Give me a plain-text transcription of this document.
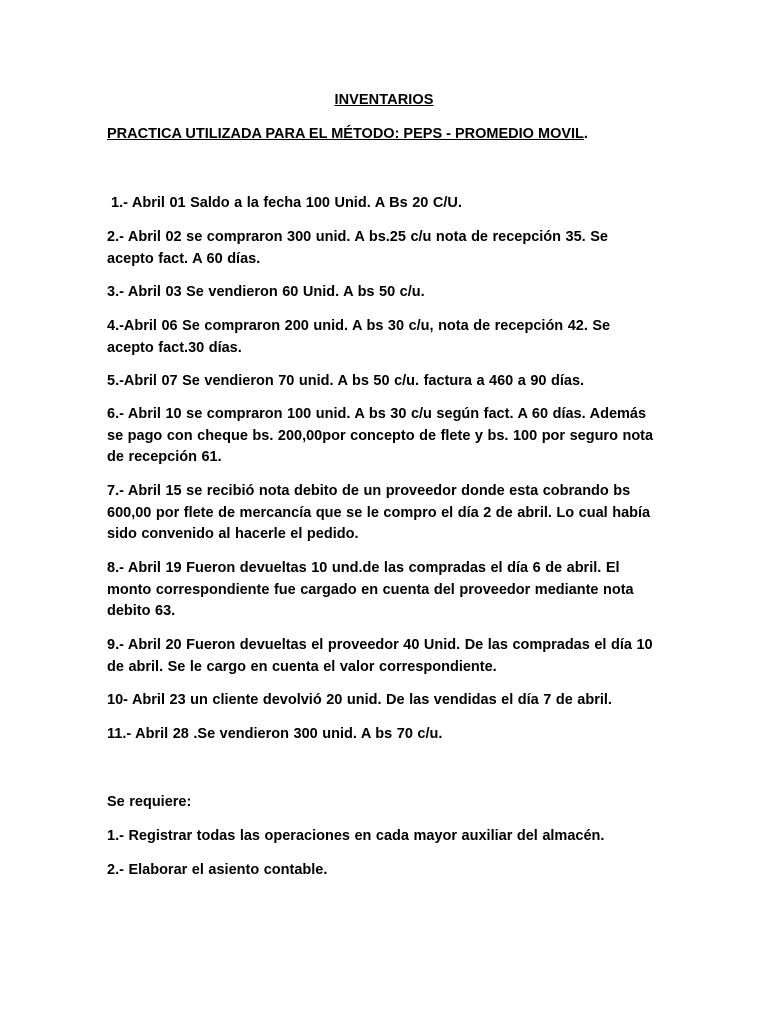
INVENTARIOS
PRACTICA UTILIZADA PARA EL MÉTODO: PEPS - PROMEDIO MOVIL.
1.- Abril 01 Saldo a la fecha 100 Unid. A Bs 20 C/U.
2.- Abril 02 se compraron 300 unid. A bs.25 c/u nota de recepción 35. Se acepto fact. A 60 días.
3.- Abril 03 Se vendieron 60 Unid. A bs 50 c/u.
4.-Abril 06 Se compraron 200 unid. A bs 30 c/u, nota de recepción 42. Se acepto fact.30 días.
5.-Abril 07 Se vendieron 70 unid. A bs 50 c/u. factura a 460 a 90 días.
6.- Abril 10 se compraron 100 unid. A bs 30 c/u según fact. A 60 días. Además se pago con cheque bs. 200,00por concepto de flete y bs. 100 por seguro nota de recepción 61.
7.- Abril 15 se recibió nota debito de un proveedor donde esta cobrando bs 600,00 por flete de mercancía que se le compro el día 2 de abril. Lo cual había sido convenido al hacerle el pedido.
8.- Abril 19 Fueron devueltas 10 und.de las compradas el día 6 de abril. El monto correspondiente fue cargado en cuenta del proveedor mediante nota debito 63.
9.- Abril 20 Fueron devueltas el proveedor 40 Unid. De las compradas el día 10 de abril. Se le cargo en cuenta el valor correspondiente.
10- Abril 23 un cliente devolvió 20 unid. De las vendidas el día 7 de abril.
11.- Abril 28 .Se vendieron 300 unid. A bs 70 c/u.
Se requiere:
1.- Registrar todas las operaciones en cada mayor auxiliar del almacén.
2.- Elaborar el asiento contable.
